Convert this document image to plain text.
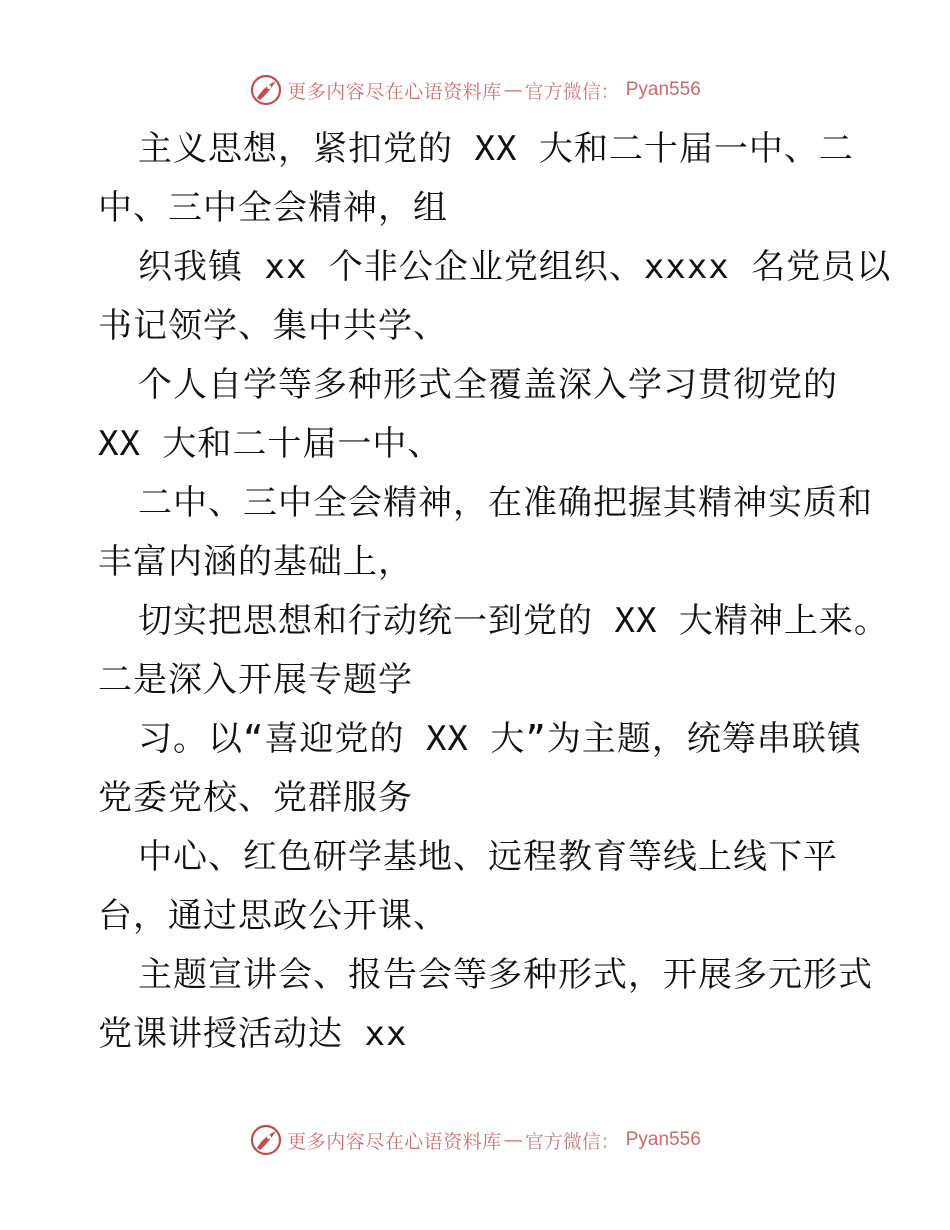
更多内容尽在心语资料库 — 官方微信： Pyan556
主义思想，紧扣党的 XX 大和二十届一中、二
中、三中全会精神，组
织我镇 xx 个非公企业党组织、xxxx 名党员以
书记领学、集中共学、
个人自学等多种形式全覆盖深入学习贯彻党的
XX 大和二十届一中、
二中、三中全会精神，在准确把握其精神实质和
丰富内涵的基础上，
切实把思想和行动统一到党的 XX 大精神上来。
二是深入开展专题学
习。以“喜迎党的 XX 大”为主题，统筹串联镇
党委党校、党群服务
中心、红色研学基地、远程教育等线上线下平
台，通过思政公开课、
主题宣讲会、报告会等多种形式，开展多元形式
党课讲授活动达 xx
更多内容尽在心语资料库 — 官方微信： Pyan556
